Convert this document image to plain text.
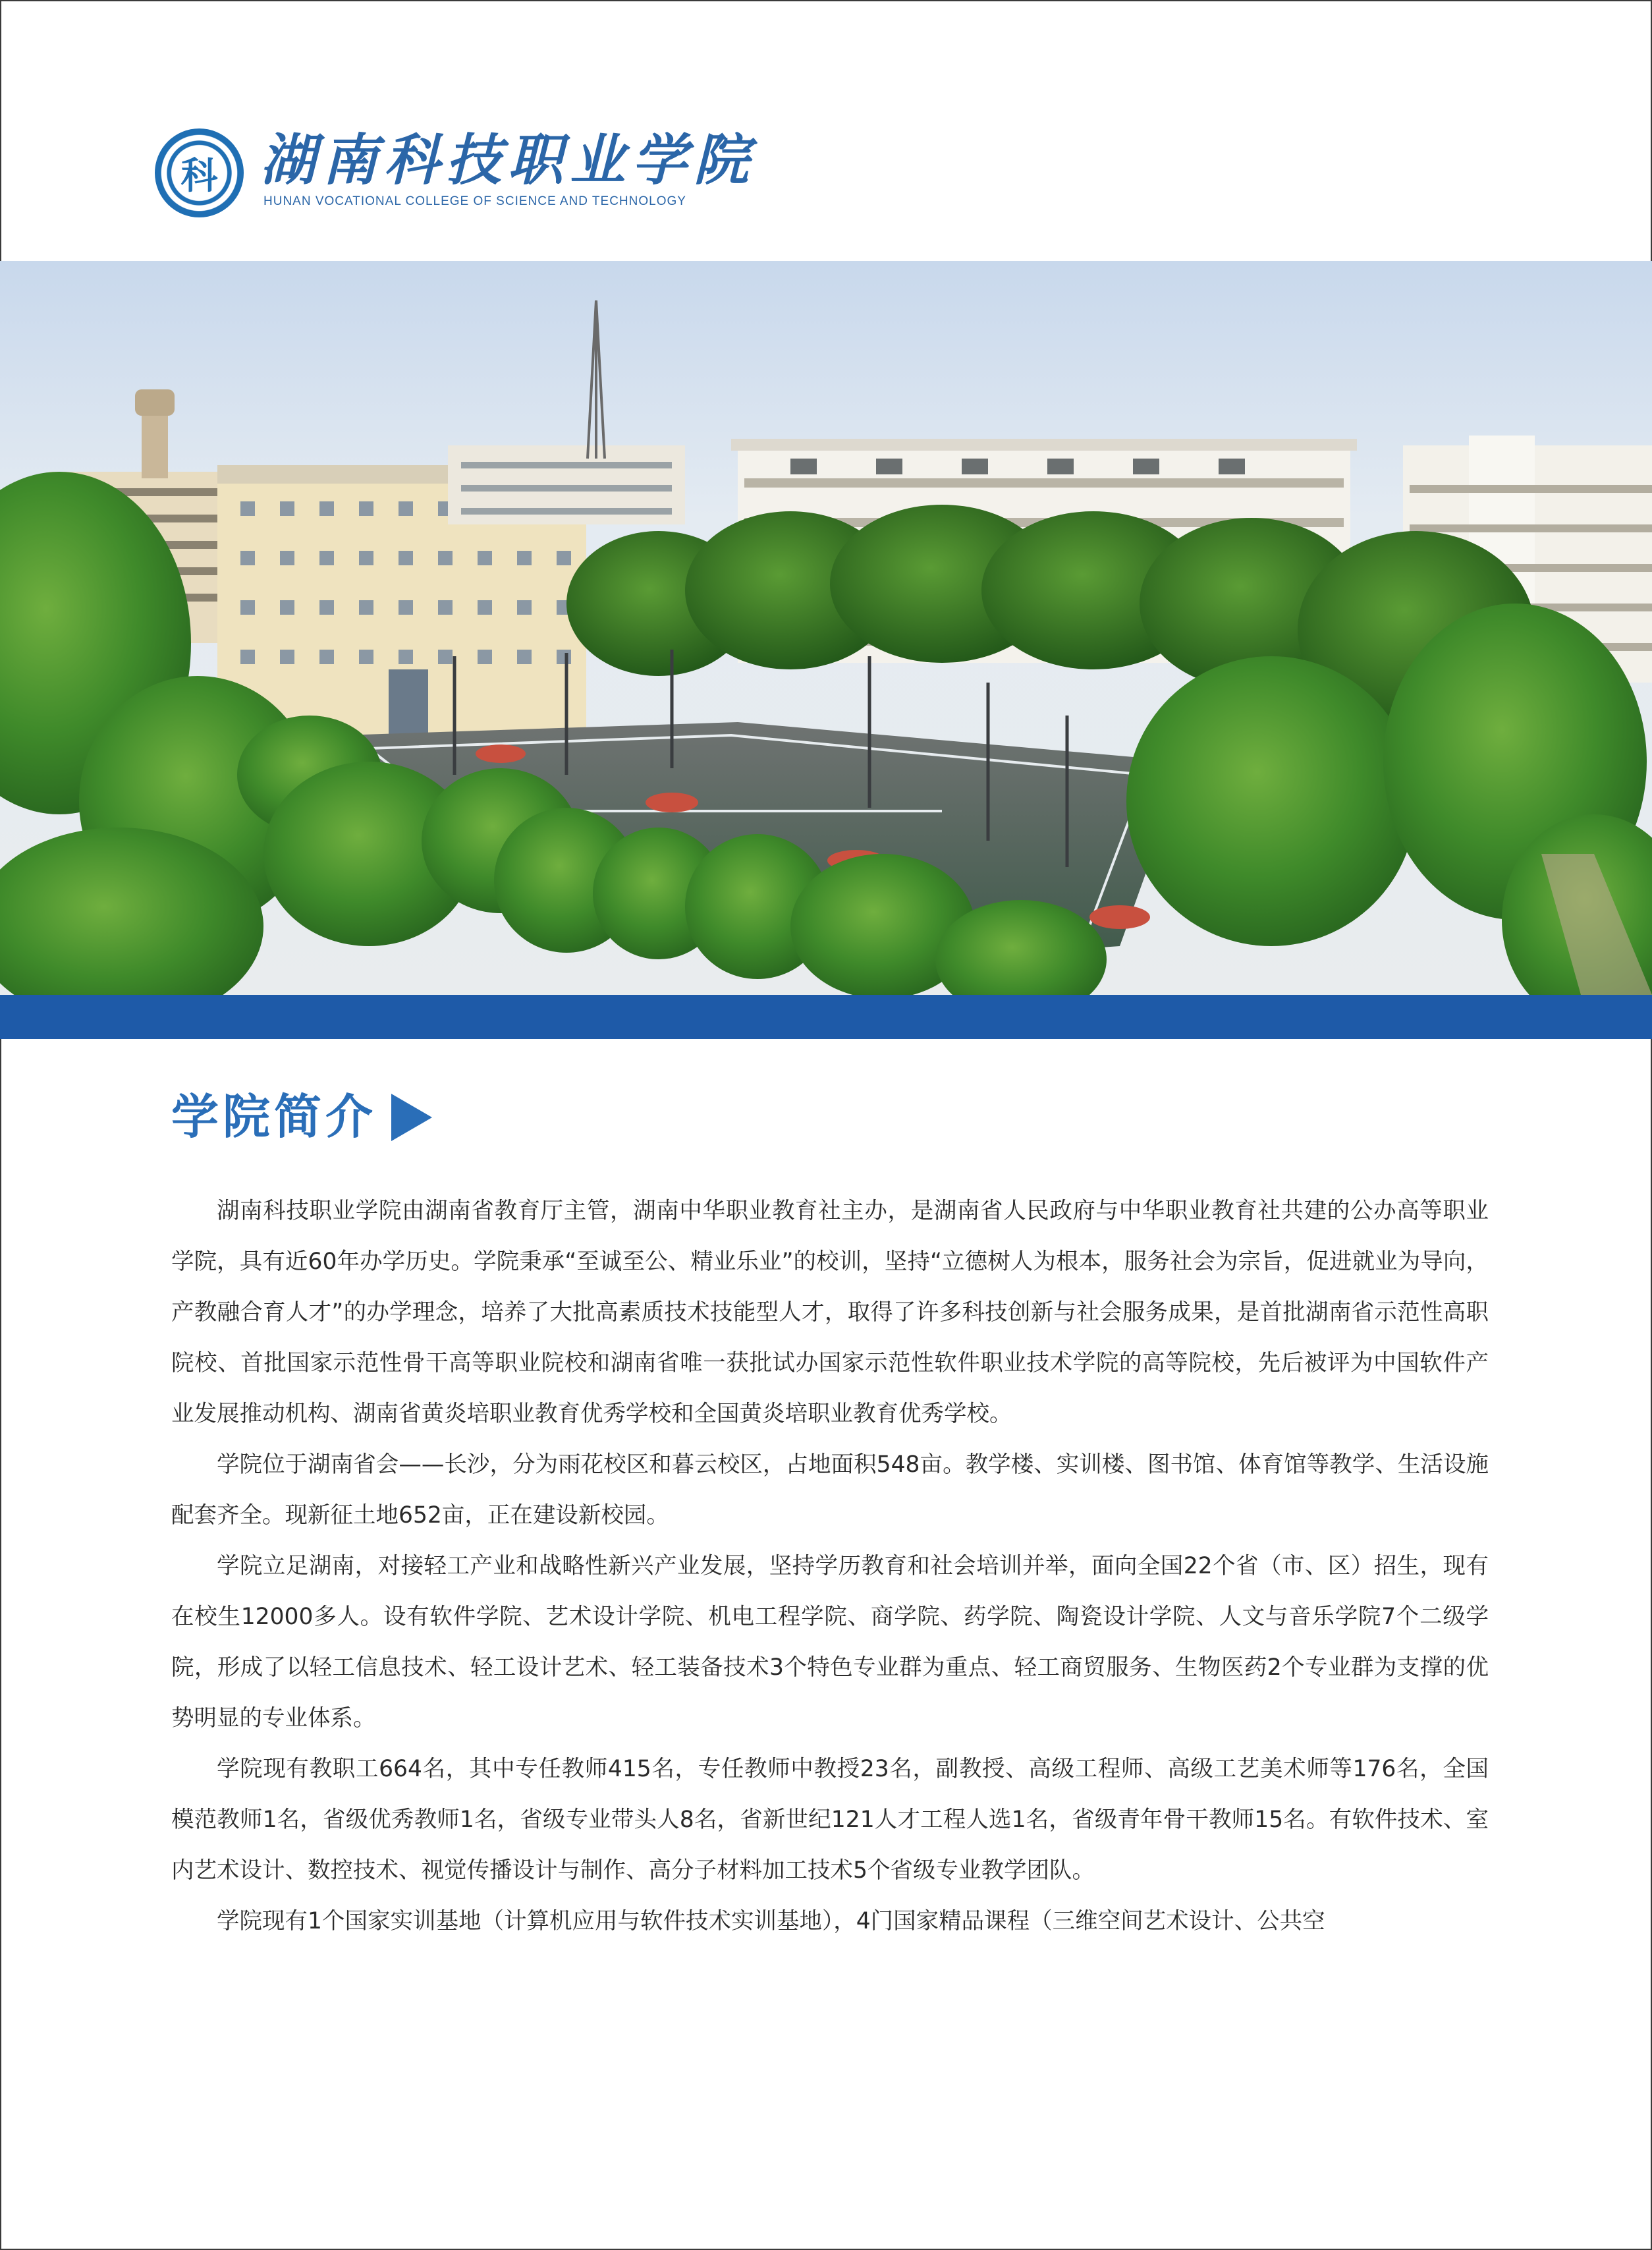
科 湖南科技职业学院
HUNAN VOCATIONAL COLLEGE OF SCIENCE AND TECHNOLOGY
学院简介

湖南科技职业学院由湖南省教育厅主管，湖南中华职业教育社主办，是湖南省人民政府与中华职业教育社共建的公办高等职业学院，具有近60年办学历史。学院秉承“至诚至公、精业乐业”的校训，坚持“立德树人为根本，服务社会为宗旨，促进就业为导向，产教融合育人才”的办学理念，培养了大批高素质技术技能型人才，取得了许多科技创新与社会服务成果，是首批湖南省示范性高职院校、首批国家示范性骨干高等职业院校和湖南省唯一获批试办国家示范性软件职业技术学院的高等院校，先后被评为中国软件产业发展推动机构、湖南省黄炎培职业教育优秀学校和全国黄炎培职业教育优秀学校。

学院位于湖南省会——长沙，分为雨花校区和暮云校区，占地面积548亩。教学楼、实训楼、图书馆、体育馆等教学、生活设施配套齐全。现新征土地652亩，正在建设新校园。

学院立足湖南，对接轻工产业和战略性新兴产业发展，坚持学历教育和社会培训并举，面向全国22个省（市、区）招生，现有在校生12000多人。设有软件学院、艺术设计学院、机电工程学院、商学院、药学院、陶瓷设计学院、人文与音乐学院7个二级学院，形成了以轻工信息技术、轻工设计艺术、轻工装备技术3个特色专业群为重点、轻工商贸服务、生物医药2个专业群为支撑的优势明显的专业体系。

学院现有教职工664名，其中专任教师415名，专任教师中教授23名，副教授、高级工程师、高级工艺美术师等176名，全国模范教师1名，省级优秀教师1名，省级专业带头人8名，省新世纪121人才工程人选1名，省级青年骨干教师15名。有软件技术、室内艺术设计、数控技术、视觉传播设计与制作、高分子材料加工技术5个省级专业教学团队。

学院现有1个国家实训基地（计算机应用与软件技术实训基地），4门国家精品课程（三维空间艺术设计、公共空
